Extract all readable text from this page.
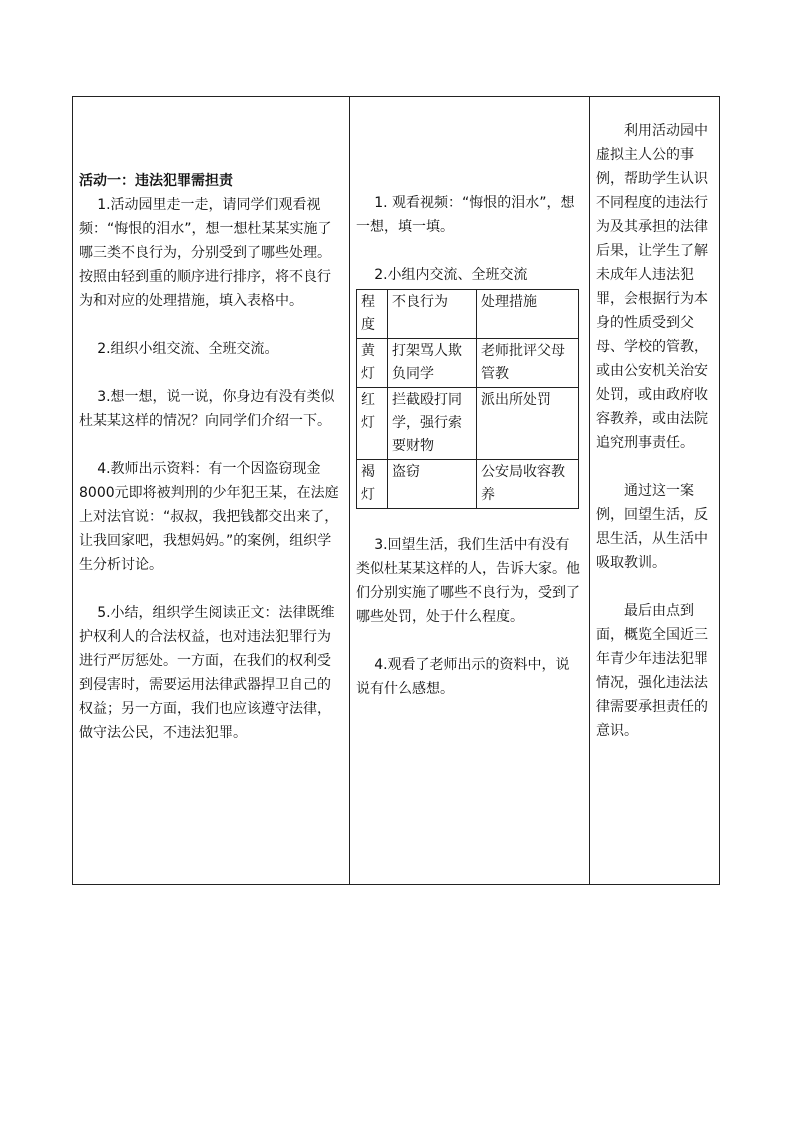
活动一：违法犯罪需担责

1.活动园里走一走，请同学们观看视频：“悔恨的泪水”，想一想杜某某实施了哪三类不良行为，分别受到了哪些处理。按照由轻到重的顺序进行排序，将不良行为和对应的处理措施，填入表格中。

2.组织小组交流、全班交流。

3.想一想，说一说，你身边有没有类似杜某某这样的情况？向同学们介绍一下。

4.教师出示资料：有一个因盗窃现金8000元即将被判刑的少年犯王某，在法庭上对法官说：“叔叔，我把钱都交出来了，让我回家吧，我想妈妈。”的案例，组织学生分析讨论。

5.小结，组织学生阅读正文：法律既维护权利人的合法权益，也对违法犯罪行为进行严厉惩处。一方面，在我们的权利受到侵害时，需要运用法律武器捍卫自己的权益；另一方面，我们也应该遵守法律，做守法公民，不违法犯罪。

1. 观看视频：“悔恨的泪水”，想一想，填一填。

2.小组内交流、全班交流

程度	不良行为	处理措施
黄灯	打架骂人欺负同学	老师批评父母管教
红灯	拦截殴打同学，强行索要财物	派出所处罚
褐灯	盗窃	公安局收容教养

3.回望生活，我们生活中有没有类似杜某某这样的人，告诉大家。他们分别实施了哪些不良行为，受到了哪些处罚，处于什么程度。

4.观看了老师出示的资料中，说说有什么感想。

利用活动园中虚拟主人公的事例，帮助学生认识不同程度的违法行为及其承担的法律后果，让学生了解未成年人违法犯罪，会根据行为本身的性质受到父母、学校的管教，或由公安机关治安处罚，或由政府收容教养，或由法院追究刑事责任。

通过这一案例，回望生活，反思生活，从生活中吸取教训。

最后由点到面，概览全国近三年青少年违法犯罪情况，强化违法法律需要承担责任的意识。
